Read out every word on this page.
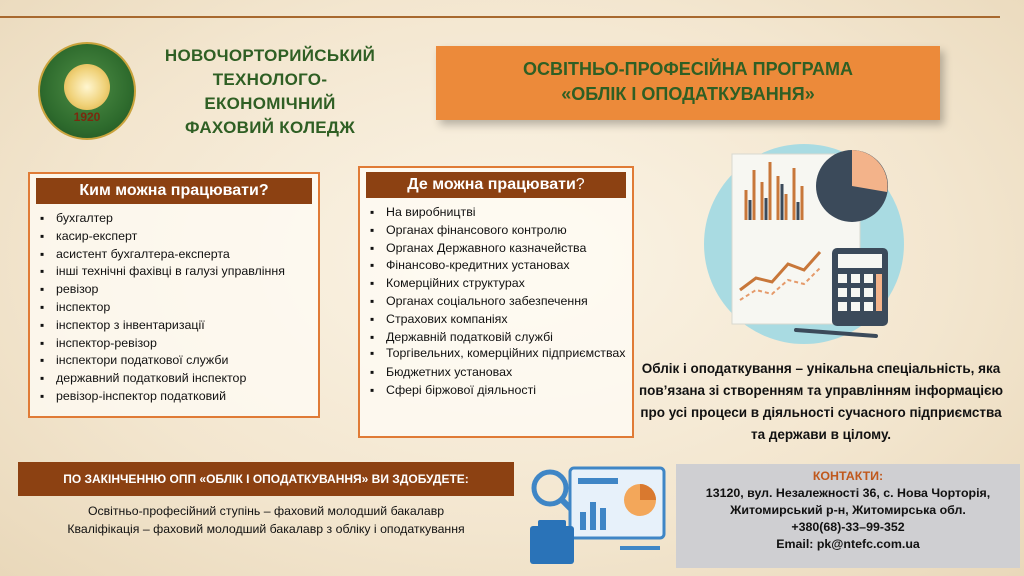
1920
НОВОЧОРТОРИЙСЬКИЙ
ТЕХНОЛОГО-
ЕКОНОМІЧНИЙ
ФАХОВИЙ КОЛЕДЖ
ОСВІТНЬО-ПРОФЕСІЙНА ПРОГРАМА
«ОБЛІК І ОПОДАТКУВАННЯ»
Ким можна працювати?
▪ бухгалтер
▪ касир-експерт
▪ асистент бухгалтера-експерта
▪ інші технічні фахівці в галузі управління
▪ ревізор
▪ інспектор
▪ інспектор з інвентаризації
▪ інспектор-ревізор
▪ інспектори податкової служби
▪ державний податковий інспектор
▪ ревізор-інспектор податковий
Де можна працювати?
▪ На виробництві
▪ Органах фінансового контролю
▪ Органах Державного казначейства
▪ Фінансово-кредитних установах
▪ Комерційних структурах
▪ Органах соціального забезпечення
▪ Страхових компаніях
▪ Державній податковій службі
▪ Торгівельних, комерційних підприємствах
▪ Бюджетних установах
▪ Сфері біржової діяльності
Облік і оподаткування – унікальна спеціальність, яка пов’язана зі створенням та управлінням інформацією про усі процеси в діяльності сучасного підприємства та держави в цілому.
ПО ЗАКІНЧЕННЮ ОПП «ОБЛІК І ОПОДАТКУВАННЯ» ВИ ЗДОБУДЕТЕ:
Освітньо-професійний ступінь – фаховий молодший бакалавр
Кваліфікація – фаховий молодший бакалавр з обліку і оподаткування
КОНТАКТИ:
13120, вул. Незалежності 36, с. Нова Чорторія,
Житомирський р-н, Житомирська обл.
+380(68)-33–99-352
Email: pk@ntefc.com.ua
